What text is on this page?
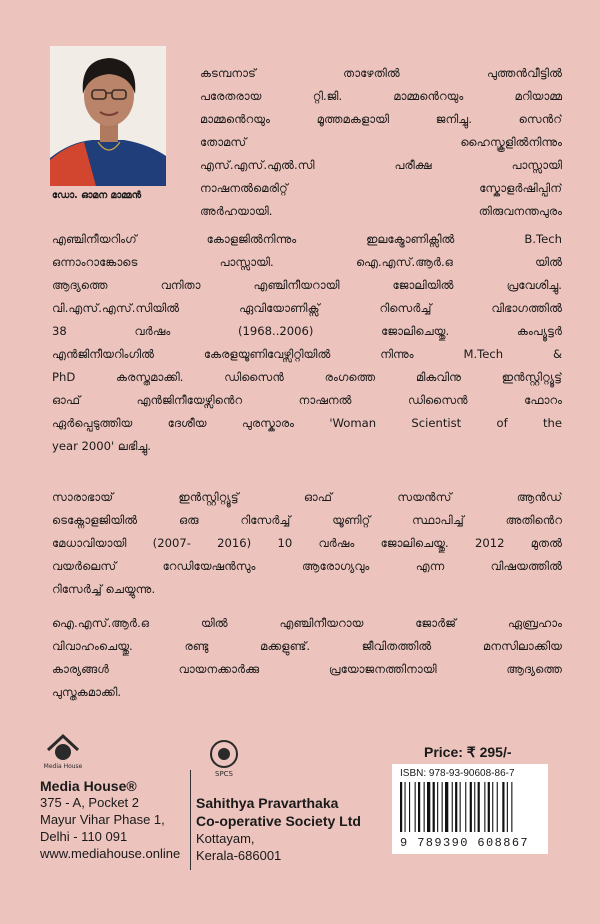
ഡോ. ഓമന മാമ്മൻ
കടമ്പനാട് താഴേതിൽ പുത്തൻവീട്ടിൽ
പരേതരായ റ്റി.ജി. മാമ്മൻെറയും മറിയാമ്മ
മാമ്മൻെറയും മൂത്തമകളായി ജനിച്ചു. സെൻറ്
തോമസ് ഹൈസ്കൂളിൽനിന്നും
എസ്.എസ്.എൽ.സി പരീക്ഷ പാസ്സായി
നാഷനൽമെരിറ്റ് സ്കോളർഷിപ്പിന്
അർഹയായി. തിരുവനന്തപുരം
എഞ്ചിനീയറിംഗ് കോളജിൽനിന്നും ഇലക്ട്രോണിക്സിൽ B.Tech
ഒന്നാംറാങ്കോടെ പാസ്സായി. ഐ.എസ്.ആർ.ഒ യിൽ
ആദ്യത്തെ വനിതാ എഞ്ചിനീയറായി ജോലിയിൽ പ്രവേശിച്ചു.
വി.എസ്.എസ്.സിയിൽ ഏവിയോണിക്സ് റിസെർച്ച് വിഭാഗത്തിൽ
38 വർഷം (1968..2006) ജോലിചെയ്തു. കംപ്യൂട്ടർ
എൻജിനീയറിംഗിൽ കേരളയൂണിവേഴ്സിറ്റിയിൽ നിന്നും M.Tech &
PhD കരസ്തമാക്കി. ഡിസൈൻ രംഗത്തെ മികവിനു ഇൻസ്റ്റിറ്റ്യൂട്ട്
ഓഫ് എൻജിനീയേഴ്സിൻെറ നാഷനൽ ഡിസൈൻ ഫോറം
ഏർപ്പെടുത്തിയ ദേശീയ പുരസ്കാരം 'Woman Scientist of the
year 2000' ലഭിച്ചു.
സാരാഭായ് ഇൻസ്റ്റിറ്റ്യൂട്ട് ഓഫ് സയൻസ് ആൻഡ്
ടെക്നോളജിയിൽ ഒരു റിസേർച്ച് യൂണിറ്റ് സ്ഥാപിച്ച് അതിൻെറ
മേധാവിയായി (2007- 2016) 10 വർഷം ജോലിചെയ്തു. 2012 മുതൽ
വയർലെസ് റേഡിയേഷൻസും ആരോഗ്യവും എന്ന വിഷയത്തിൽ
റിസേർച്ച് ചെയ്യുന്നു.
ഐ.എസ്.ആർ.ഒ യിൽ എഞ്ചിനീയറായ ജോർജ് ഏബ്രഹാം
വിവാഹംചെയ്തു. രണ്ടു മക്കളുണ്ട്. ജീവിതത്തിൽ മനസിലാക്കിയ
കാര്യങ്ങൾ വായനക്കാർക്കു പ്രയോജനത്തിനായി ആദ്യത്തെ
പുസ്തകമാക്കി.
Media House
Media House®
375 - A, Pocket 2
Mayur Vihar Phase 1,
Delhi - 110 091
www.mediahouse.online
SPCS
Sahithya Pravarthaka
Co-operative Society Ltd
Kottayam,
Kerala-686001
Price: ₹ 295/-
ISBN: 978-93-90608-86-7
9 789390 608867
